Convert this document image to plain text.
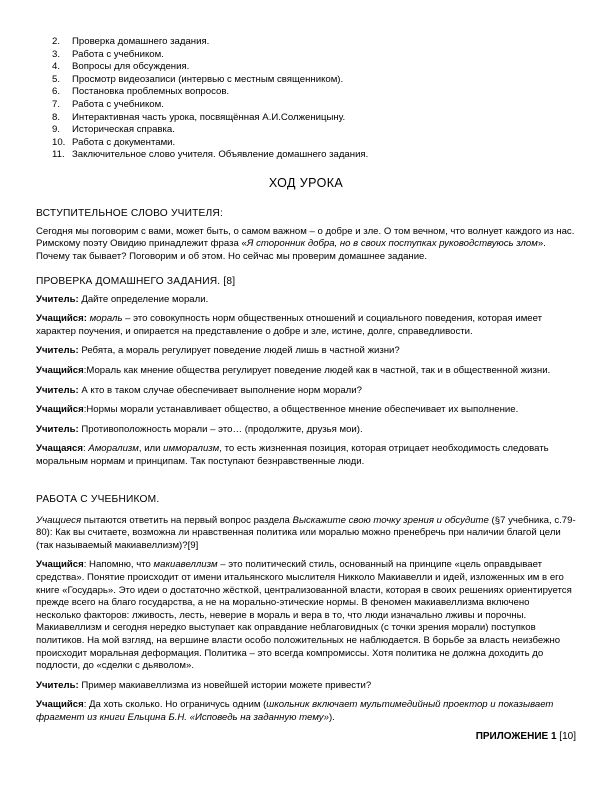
2.	Проверка домашнего задания.
3.	Работа с учебником.
4.	Вопросы для обсуждения.
5.	Просмотр видеозаписи (интервью с местным священником).
6.	Постановка проблемных вопросов.
7.	Работа с учебником.
8.	Интерактивная часть урока, посвящённая А.И.Солженицыну.
9.	Историческая справка.
10. Работа с документами.
11. Заключительное слово учителя. Объявление домашнего задания.
ХОД УРОКА

ВСТУПИТЕЛЬНОЕ СЛОВО УЧИТЕЛЯ:

Сегодня мы поговорим с вами, может быть, о самом важном – о добре и зле. О том вечном, что волнует каждого из нас. Римскому поэту Овидию принадлежит фраза «Я сторонник добра, но в своих поступках руководствуюсь злом». Почему так бывает? Поговорим и об этом. Но сейчас мы проверим домашнее задание.

ПРОВЕРКА ДОМАШНЕГО ЗАДАНИЯ. [8]

Учитель: Дайте определение морали.

Учащийся: мораль – это совокупность норм общественных отношений и социального поведения, которая имеет характер поучения, и опирается на представление о добре и зле, истине, долге, справедливости.

Учитель: Ребята, а мораль регулирует поведение людей лишь в частной жизни?

Учащийся:Мораль как мнение общества регулирует поведение людей как в частной, так и в общественной жизни.

Учитель: А кто в таком случае обеспечивает выполнение норм морали?

Учащийся:Нормы морали устанавливает общество, а общественное мнение обеспечивает их выполнение.

Учитель: Противоположность морали – это… (продолжите, друзья мои).

Учащаяся: Аморализм, или имморализм, то есть жизненная позиция, которая отрицает необходимость следовать моральным нормам и принципам. Так поступают безнравственные люди.

РАБОТА С УЧЕБНИКОМ.

Учащиеся пытаются ответить на первый вопрос раздела Выскажите свою точку зрения и обсудите (§7 учебника, с.79-80): Как вы считаете, возможна ли нравственная политика или моралью можно пренебречь при наличии благой цели (так называемый макиавеллизм)?[9]

Учащийся: Напомню, что макиавеллизм – это политический стиль, основанный на принципе «цель оправдывает средства». Понятие происходит от имени итальянского мыслителя Никколо Макиавелли и идей, изложенных им в его книге «Государь». Это идеи о достаточно жёсткой, централизованной власти, которая в своих решениях ориентируется прежде всего на благо государства, а не на морально-этические нормы. В феномен макиавеллизма включено несколько факторов: лживость, лесть, неверие в мораль и вера в то, что люди изначально лживы и порочны. Макиавеллизм и сегодня нередко выступает как оправдание неблаговидных (с точки зрения морали) поступков политиков. На мой взгляд, на вершине власти особо положительных не наблюдается. В борьбе за власть неизбежно происходит моральная деформация. Политика – это всегда компромиссы. Хотя политика не должна доходить до подлости, до «сделки с дьяволом».

Учитель: Пример макиавеллизма из новейшей истории можете привести?

Учащийся: Да хоть сколько. Но ограничусь одним (школьник включает мультимедийный проектор и показывает фрагмент из книги Ельцина Б.Н. «Исповедь на заданную тему»).

ПРИЛОЖЕНИЕ 1 [10]
